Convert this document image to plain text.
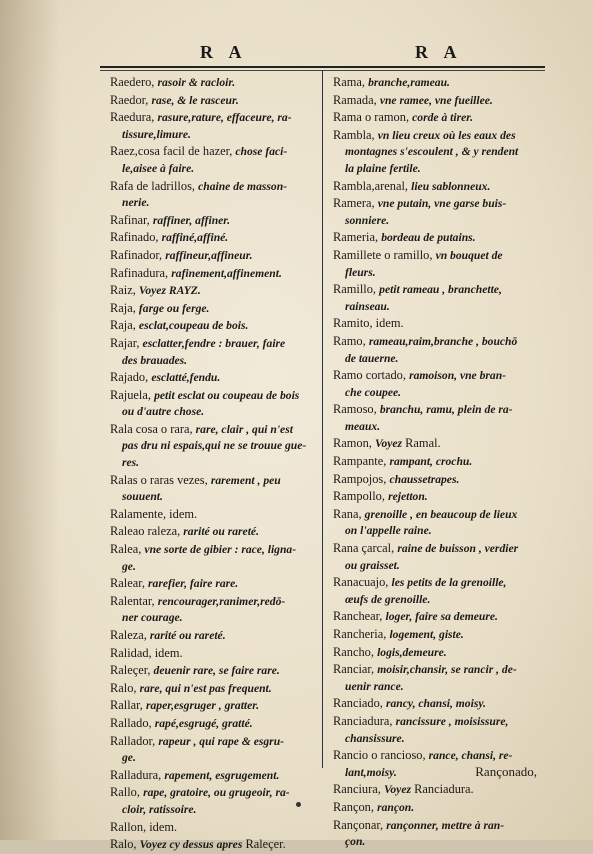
R A	R A

Raedero, rasoir & racloir.

Raedor, rase, & le rasceur.

Raedura, rasure,rature, effaceure, ra-
tissure,limure.

Raez,cosa facil de hazer, chose faci-
le,aisee à faire.

Rafa de ladrillos, chaine de masson-
nerie.

Rafinar, raffiner, affiner.

Rafinado, raffiné,affiné.

Rafinador, raffineur,affineur.

Rafinadura, rafinement,affinement.

Raiz, Voyez RAYZ.

Raja, farge ou ferge.

Raja, esclat,coupeau de bois.

Rajar, esclatter,fendre : brauer, faire
des brauades.

Rajado, esclatté,fendu.

Rajuela, petit esclat ou coupeau de bois
ou d'autre chose.

Rala cosa o rara, rare, clair , qui n'est
pas dru ni espais,qui ne se trouue gue-
res.

Ralas o raras vezes, rarement , peu
souuent.

Ralamente, idem.

Raleao raleza, rarité ou rareté.

Ralea, vne sorte de gibier : race, ligna-
ge.

Ralear, rarefier, faire rare.

Ralentar, rencourager,ranimer,redō-
ner courage.

Raleza, rarité ou rareté.

Ralidad, idem.

Raleçer, deuenir rare, se faire rare.

Ralo, rare, qui n'est pas frequent.

Rallar, raper,esgruger , gratter.

Rallado, rapé,esgrugé, gratté.

Rallador, rapeur , qui rape & esgru-
ge.

Ralladura, rapement, esgrugement.

Rallo, rape, gratoire, ou grugeoir, ra-
cloir, ratissoire.

Rallon, idem.

Ralo, Voyez cy dessus apres Raleçer.

Rama, branche,rameau.

Ramada, vne ramee, vne fueillee.

Rama o ramon, corde à tirer.

Rambla, vn lieu creux où les eaux des
montagnes s'escoulent , & y rendent
la plaine fertile.

Rambla,arenal, lieu sablonneux.

Ramera, vne putain, vne garse buis-
sonniere.

Rameria, bordeau de putains.

Ramillete o ramillo, vn bouquet de
fleurs.

Ramillo, petit rameau , branchette,
rainseau.

Ramito, idem.

Ramo, rameau,raim,branche , bouchō
de tauerne.

Ramo cortado, ramoison, vne bran-
che coupee.

Ramoso, branchu, ramu, plein de ra-
meaux.

Ramon, Voyez Ramal.

Rampante, rampant, crochu.

Rampojos, chaussetrapes.

Rampollo, rejetton.

Rana, grenoille , en beaucoup de lieux
on l'appelle raine.

Rana çarcal, raine de buisson , verdier
ou graisset.

Ranacuajo, les petits de la grenoille,
œufs de grenoille.

Ranchear, loger, faire sa demeure.

Rancheria, logement, giste.

Rancho, logis,demeure.

Ranciar, moisir,chansir, se rancir , de-
uenir rance.

Ranciado, rancy, chansi, moisy.

Ranciadura, rancissure , moisissure,
chansissure.

Rancio o rancioso, rance, chansi, re-
lant,moisy.

Ranciura, Voyez Ranciadura.

Rançon, rançon.

Rançonar, rançonner, mettre à ran-
çon.

Rançonado,
